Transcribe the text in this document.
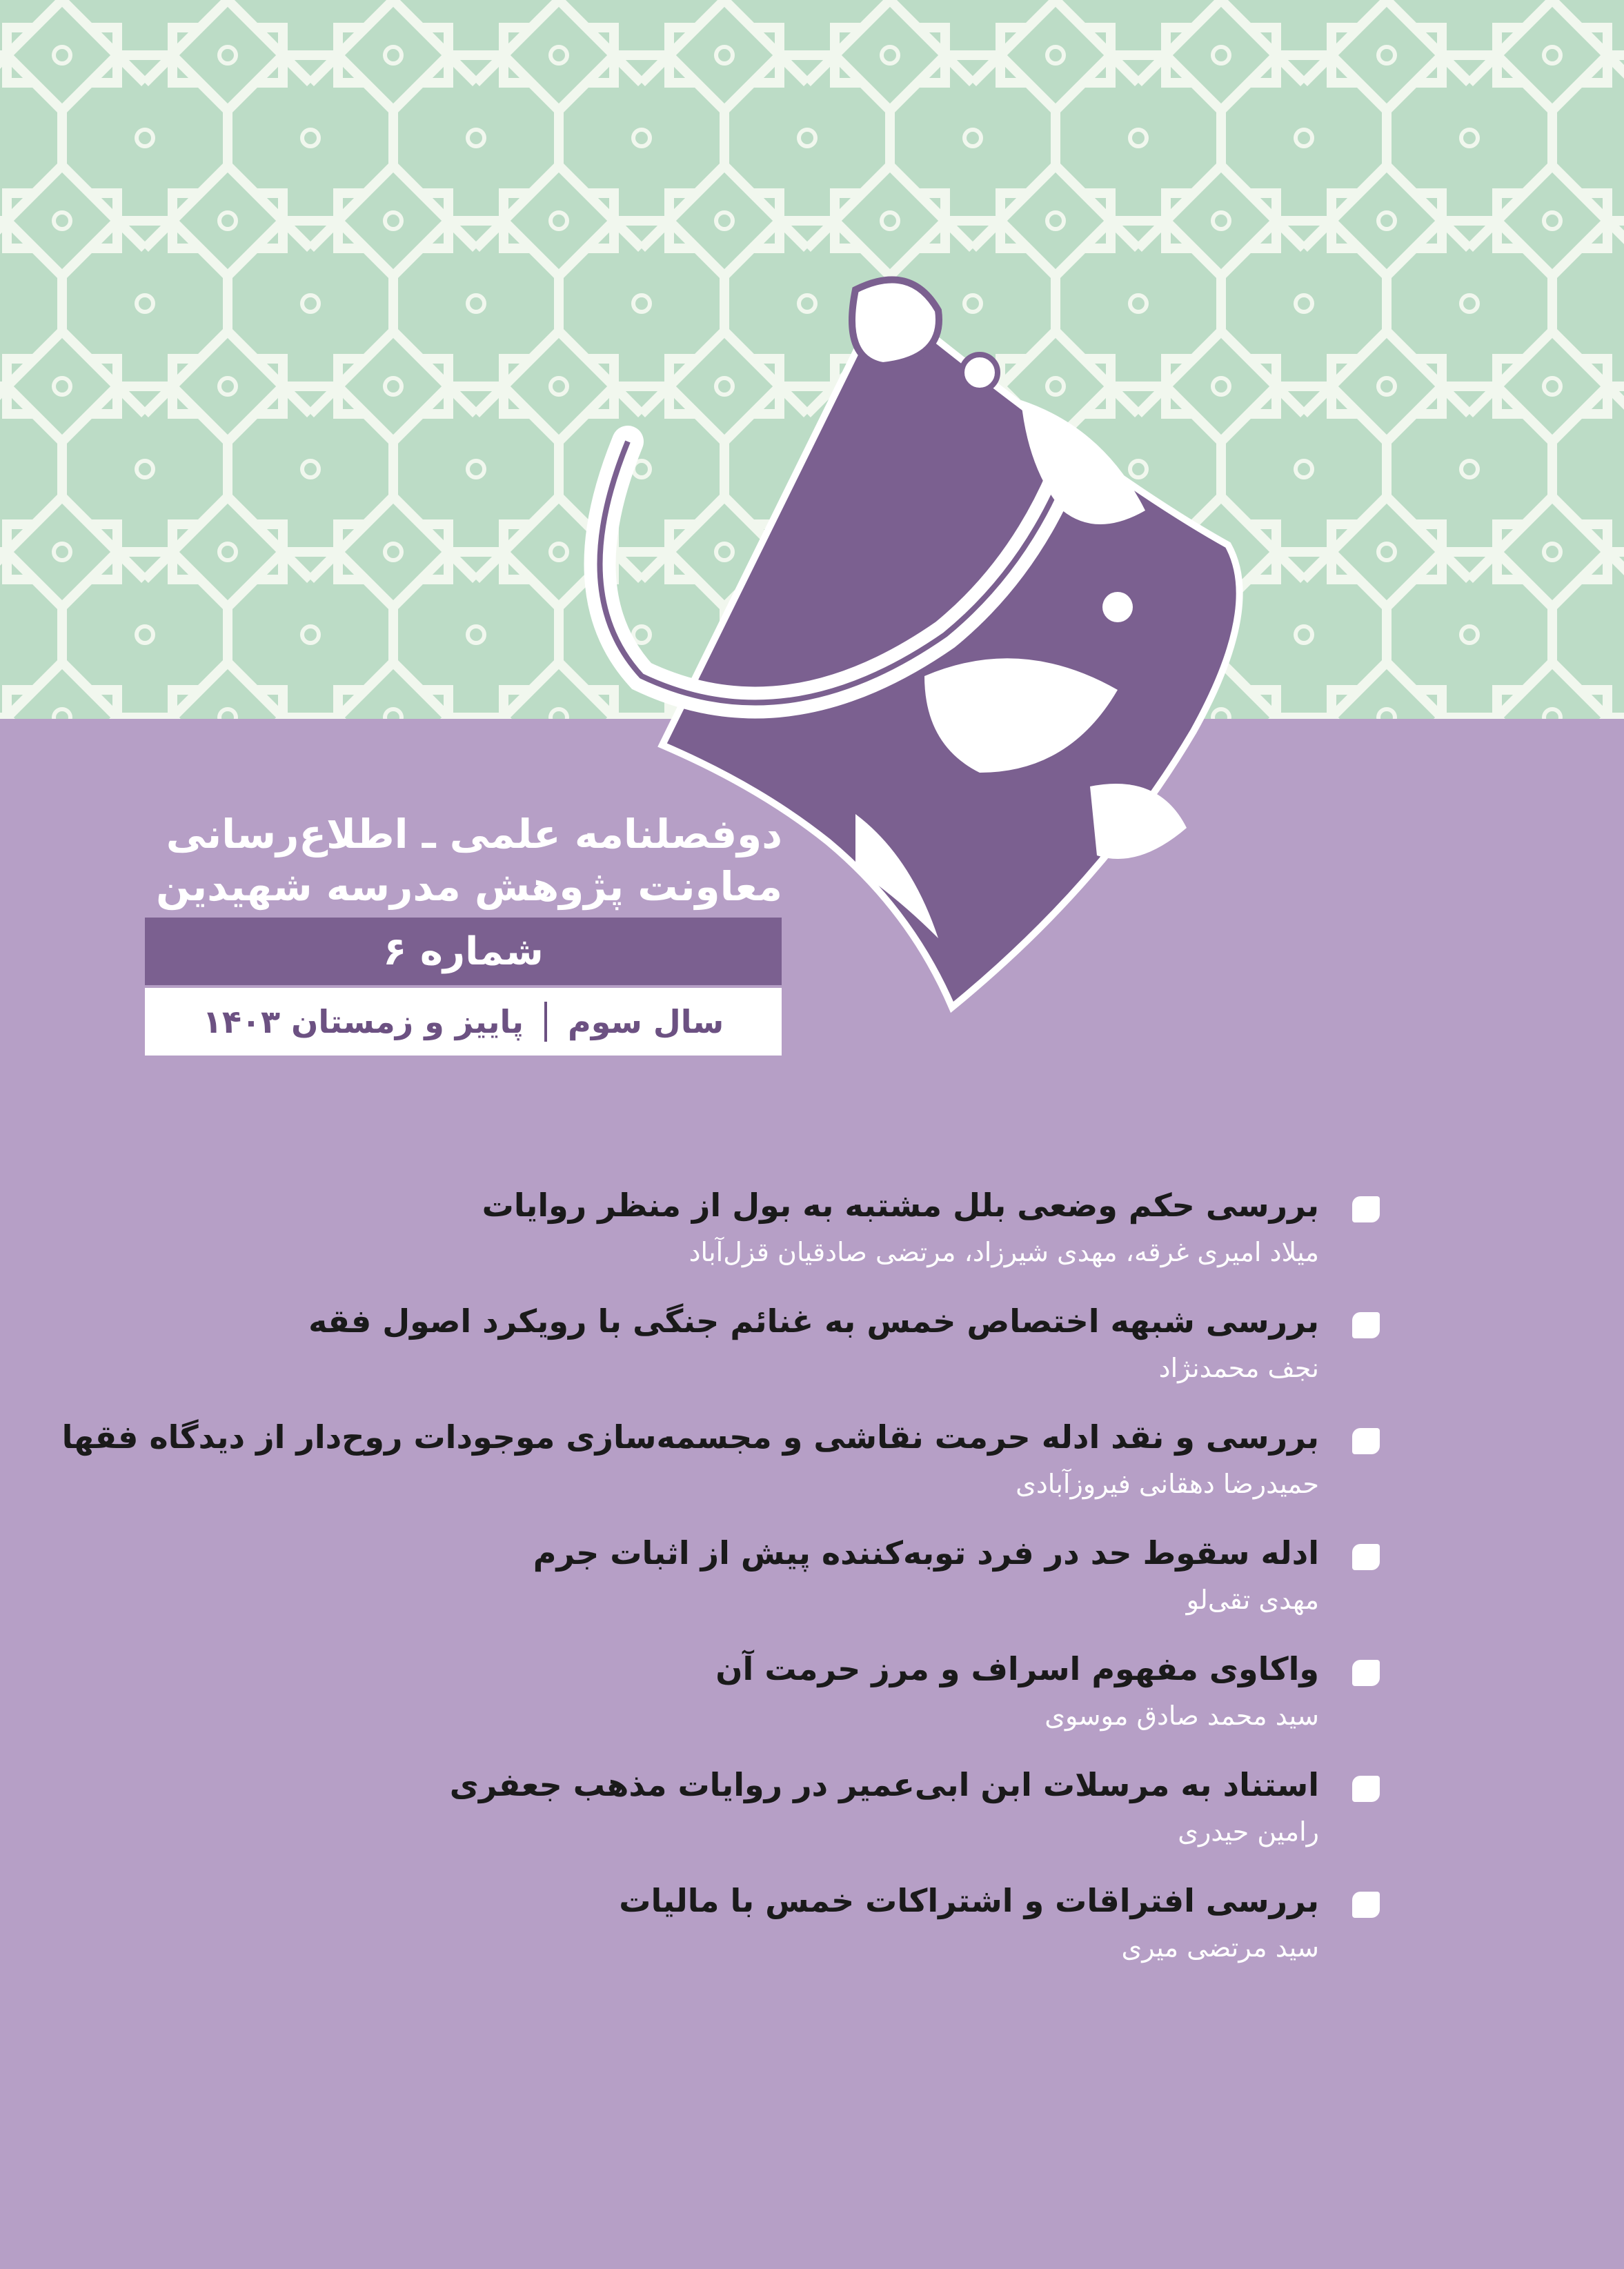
دوفصلنامه علمی ـ اطلاع‌رسانی
معاونت پژوهش مدرسه شهیدین
شماره ۶
سال سوم
پاییز و زمستان ۱۴۰۳
بررسی حکم وضعی بلل مشتبه به بول از منظر روایات
میلاد امیری غرقه، مهدی شیرزاد، مرتضی صادقیان قزل‌آباد
بررسی شبهه اختصاص خمس به غنائم جنگی با رویکرد اصول فقه
نجف محمدنژاد
بررسی و نقد ادله حرمت نقاشی و مجسمه‌سازی موجودات روح‌دار از دیدگاه فقها
حمیدرضا دهقانی فیروزآبادی
ادله سقوط حد در فرد توبه‌کننده پیش از اثبات جرم
مهدی تقی‌لو
واکاوی مفهوم اسراف و مرز حرمت آن
سید محمد صادق موسوی
استناد به مرسلات ابن ابی‌عمیر در روایات مذهب جعفری
رامین حیدری
بررسی افتراقات و اشتراکات خمس با مالیات
سید مرتضی میری
